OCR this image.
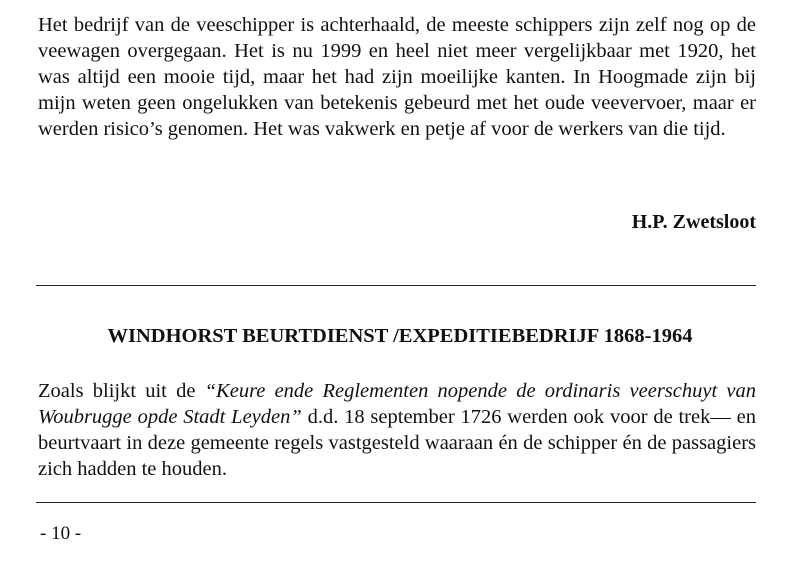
Het bedrijf van de veeschipper is achterhaald, de meeste schippers zijn zelf nog op de veewagen overgegaan. Het is nu 1999 en heel niet meer vergelijkbaar met 1920, het was altijd een mooie tijd, maar het had zijn moeilijke kanten. In Hoogmade zijn bij mijn weten geen ongelukken van betekenis gebeurd met het oude veevervoer, maar er werden risico’s genomen. Het was vakwerk en petje af voor de werkers van die tijd.

H.P. Zwetsloot

WINDHORST BEURTDIENST /EXPEDITIEBEDRIJF 1868-1964

Zoals blijkt uit de “Keure ende Reglementen nopende de ordinaris veerschuyt van Woubrugge opde Stadt Leyden” d.d. 18 september 1726 werden ook voor de trek— en beurtvaart in deze gemeente regels vastgesteld waaraan én de schipper én de passagiers zich hadden te houden.

- 10 -
